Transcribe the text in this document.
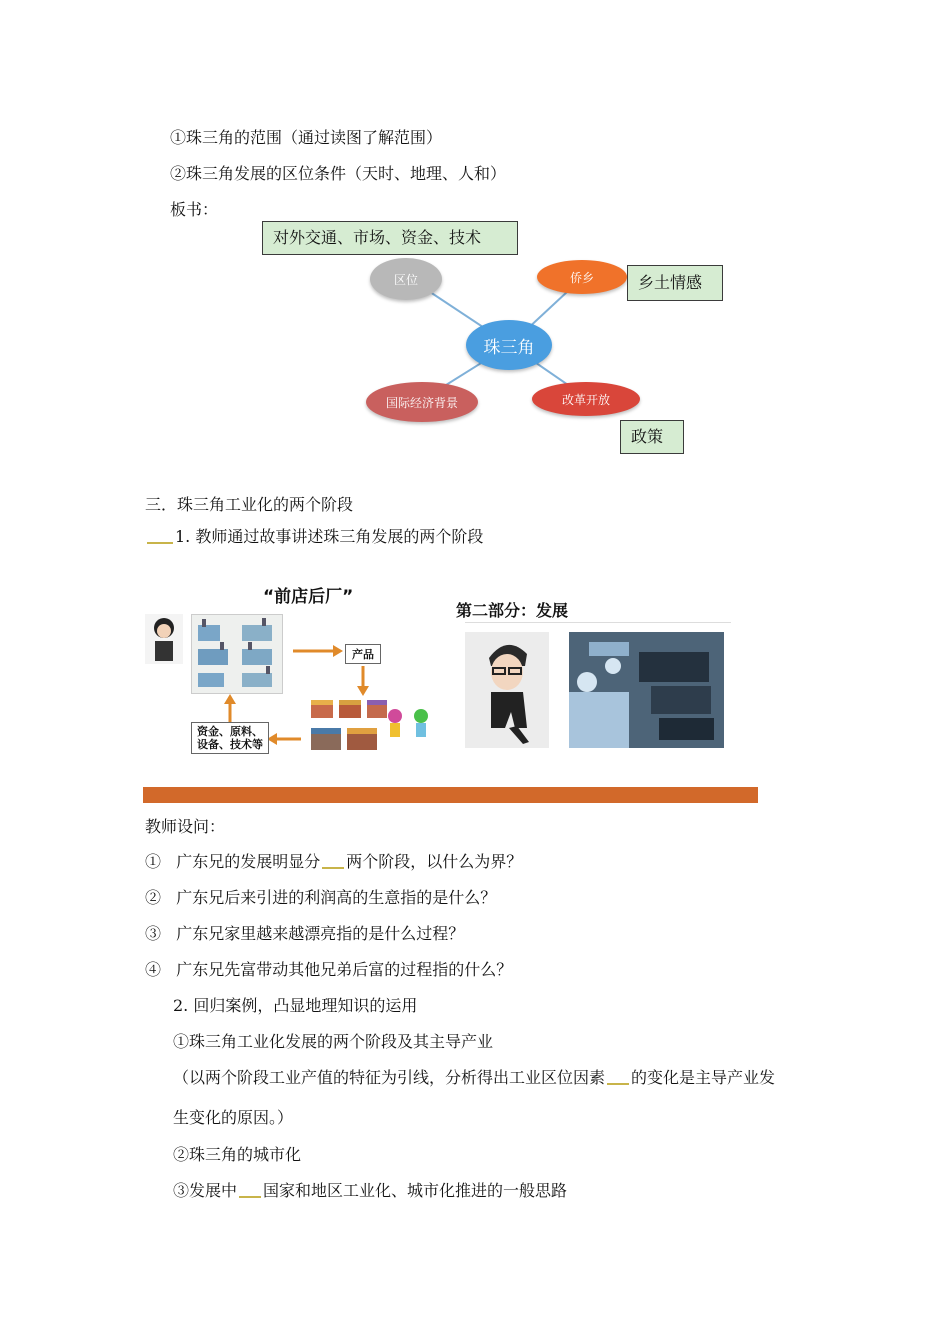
①珠三角的范围（通过读图了解范围）
②珠三角发展的区位条件（天时、地理、人和）
板书：
区位	侨乡
珠三角
国际经济背景	改革开放
对外交通、市场、资金、技术
乡土情感
政策
三．珠三角工业化的两个阶段
1. 教师通过故事讲述珠三角发展的两个阶段
“前店后厂”
产品
资金、原料、设备、技术等
第二部分：发展
教师设问：
① 广东兄的发展明显分 两个阶段，以什么为界？
② 广东兄后来引进的利润高的生意指的是什么？
③ 广东兄家里越来越漂亮指的是什么过程？
④ 广东兄先富带动其他兄弟后富的过程指的什么？
2. 回归案例，凸显地理知识的运用
①珠三角工业化发展的两个阶段及其主导产业
（以两个阶段工业产值的特征为引线，分析得出工业区位因素 的变化是主导产业发
生变化的原因。）
②珠三角的城市化
③发展中 国家和地区工业化、城市化推进的一般思路
